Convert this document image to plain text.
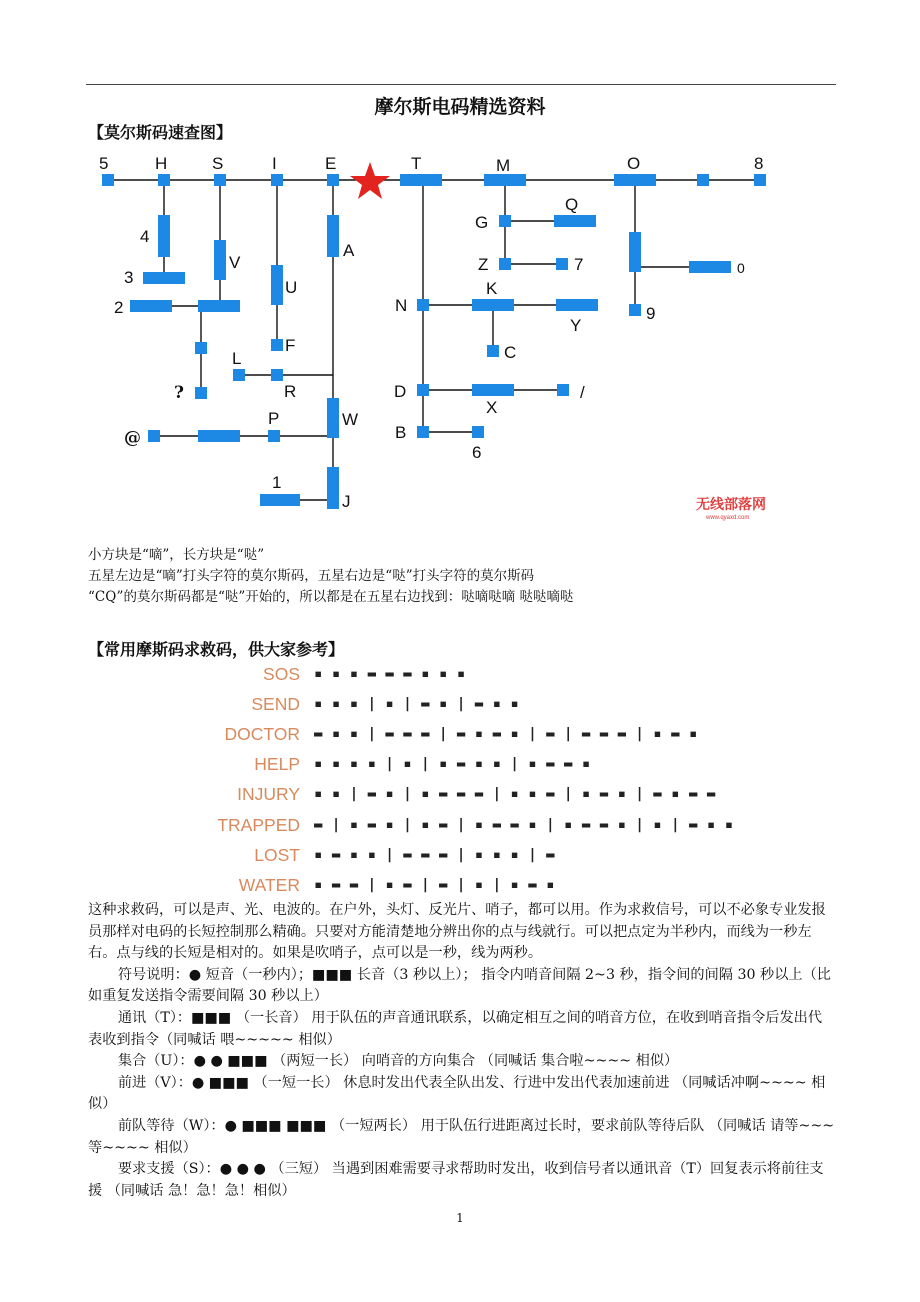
摩尔斯电码精选资料
【莫尔斯码速查图】
5	H	S	I	E	T	M	O	8
4
V
3
U
2
F
A
L
R
?
W
P
@
1
J
G
Q
Z	7	0
9
N
K
Y
C
D
X
/
B
6
无线部落网
www.qyaxd.com
小方块是“嘀”，长方块是“哒”
五星左边是“嘀”打头字符的莫尔斯码，五星右边是“哒”打头字符的莫尔斯码
“CQ”的莫尔斯码都是“哒”开始的，所以都是在五星右边找到：哒嘀哒嘀 哒哒嘀哒
【常用摩斯码求救码，供大家参考】
SOS ▪ ▪ ▪ ▬ ▬ ▬ ▪ ▪ ▪
SEND ▪ ▪ ▪ | ▪ | ▬ ▪ | ▬ ▪ ▪
DOCTOR ▬ ▪ ▪ | ▬ ▬ ▬ | ▬ ▪ ▬ ▪ | ▬ | ▬ ▬ ▬ | ▪ ▬ ▪
HELP ▪ ▪ ▪ ▪ | ▪ | ▪ ▬ ▪ ▪ | ▪ ▬ ▬ ▪
INJURY ▪ ▪ | ▬ ▪ | ▪ ▬ ▬ ▬ | ▪ ▪ ▬ | ▪ ▬ ▪ | ▬ ▪ ▬ ▬
TRAPPED ▬ | ▪ ▬ ▪ | ▪ ▬ | ▪ ▬ ▬ ▪ | ▪ ▬ ▬ ▪ | ▪ | ▬ ▪ ▪
LOST ▪ ▬ ▪ ▪ | ▬ ▬ ▬ | ▪ ▪ ▪ | ▬
WATER ▪ ▬ ▬ | ▪ ▬ | ▬ | ▪ | ▪ ▬ ▪

这种求救码，可以是声、光、电波的。在户外，头灯、反光片、哨子，都可以用。作为求救信号，可以不必象专业发报员那样对电码的长短控制那么精确。只要对方能清楚地分辨出你的点与线就行。可以把点定为半秒内，而线为一秒左右。点与线的长短是相对的。如果是吹哨子，点可以是一秒，线为两秒。

符号说明：● 短音（一秒内）；■■■ 长音（3 秒以上）； 指令内哨音间隔 2~3 秒，指令间的间隔 30 秒以上（比如重复发送指令需要间隔 30 秒以上）

通讯（T）：■■■ （一长音） 用于队伍的声音通讯联系，以确定相互之间的哨音方位，在收到哨音指令后发出代表收到指令（同喊话 喂~~~~~ 相似）

集合（U）：● ● ■■■ （两短一长） 向哨音的方向集合 （同喊话 集合啦~~~~ 相似）

前进（V）：● ■■■ （一短一长） 休息时发出代表全队出发、行进中发出代表加速前进 （同喊话冲啊~~~~ 相似）

前队等待（W）：● ■■■ ■■■ （一短两长） 用于队伍行进距离过长时，要求前队等待后队 （同喊话 请等~~~等~~~~ 相似）

要求支援（S）：● ● ● （三短） 当遇到困难需要寻求帮助时发出，收到信号者以通讯音（T）回复表示将前往支援 （同喊话 急！急！急！相似）

1
